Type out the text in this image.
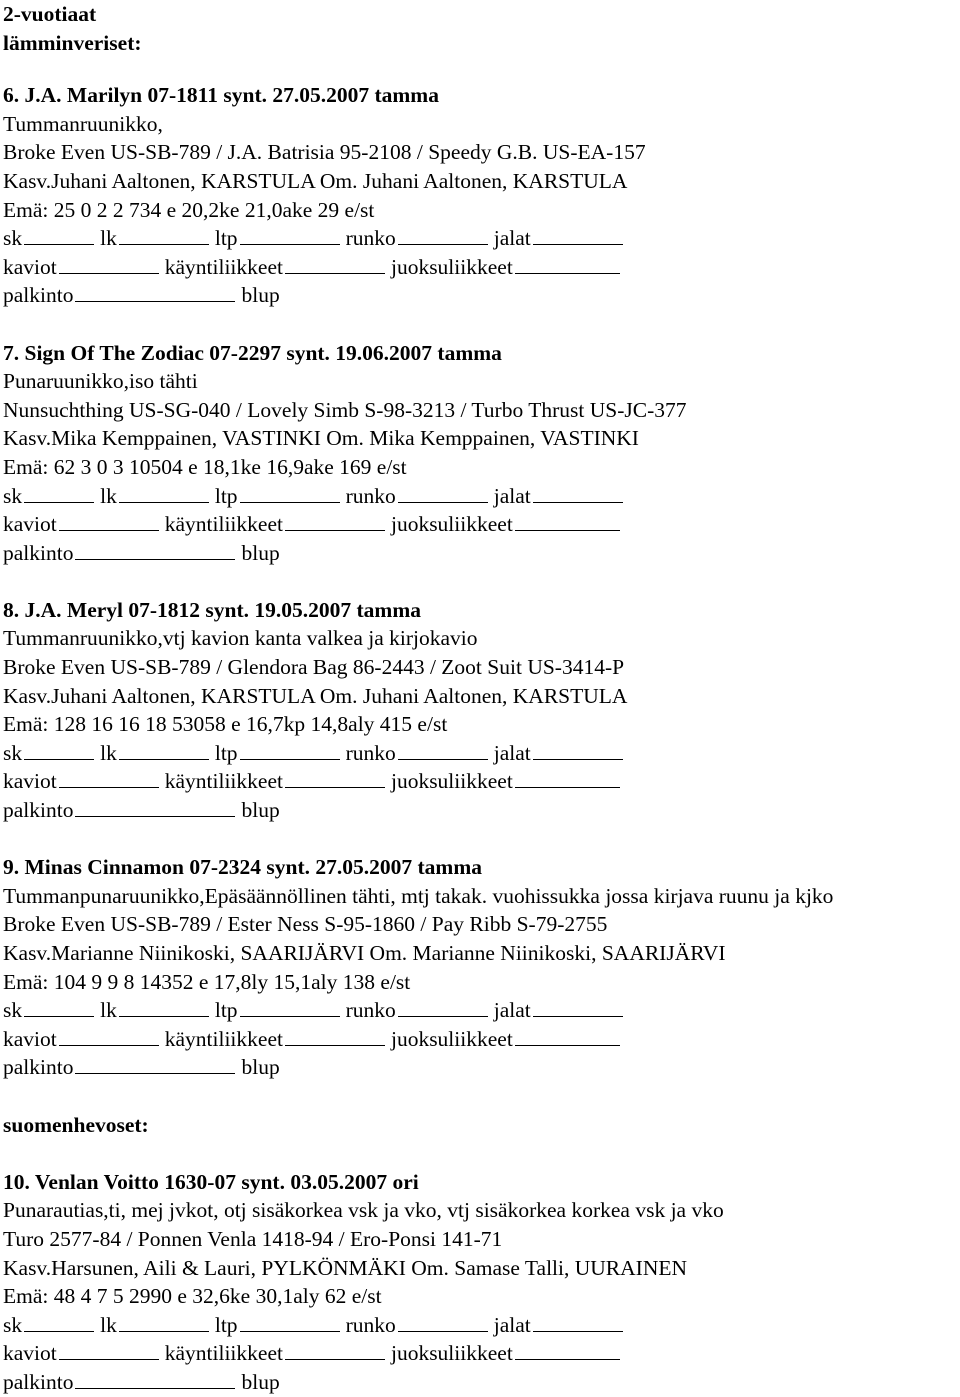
2-vuotiaat
lämminveriset:
6. J.A. Marilyn 07-1811 synt. 27.05.2007 tamma
Tummanruunikko,
Broke Even US-SB-789 / J.A. Batrisia 95-2108 / Speedy G.B. US-EA-157
Kasv.Juhani Aaltonen, KARSTULA Om. Juhani Aaltonen, KARSTULA
Emä: 25 0 2 2 734 e 20,2ke 21,0ake 29 e/st
sk	lk	ltp	runko	jalat
kaviot	käyntiliikkeet	juoksuliikkeet
palkinto	blup
7. Sign Of The Zodiac 07-2297 synt. 19.06.2007 tamma
Punaruunikko,iso tähti
Nunsuchthing US-SG-040 / Lovely Simb S-98-3213 / Turbo Thrust US-JC-377
Kasv.Mika Kemppainen, VASTINKI Om. Mika Kemppainen, VASTINKI
Emä: 62 3 0 3 10504 e 18,1ke 16,9ake 169 e/st
sk	lk	ltp	runko	jalat
kaviot	käyntiliikkeet	juoksuliikkeet
palkinto	blup
8. J.A. Meryl 07-1812 synt. 19.05.2007 tamma
Tummanruunikko,vtj kavion kanta valkea ja kirjokavio
Broke Even US-SB-789 / Glendora Bag 86-2443 / Zoot Suit US-3414-P
Kasv.Juhani Aaltonen, KARSTULA Om. Juhani Aaltonen, KARSTULA
Emä: 128 16 16 18 53058 e 16,7kp 14,8aly 415 e/st
sk	lk	ltp	runko	jalat
kaviot	käyntiliikkeet	juoksuliikkeet
palkinto	blup
9. Minas Cinnamon 07-2324 synt. 27.05.2007 tamma
Tummanpunaruunikko,Epäsäännöllinen tähti, mtj takak. vuohissukka jossa kirjava ruunu ja kjko
Broke Even US-SB-789 / Ester Ness S-95-1860 / Pay Ribb S-79-2755
Kasv.Marianne Niinikoski, SAARIJÄRVI Om. Marianne Niinikoski, SAARIJÄRVI
Emä: 104 9 9 8 14352 e 17,8ly 15,1aly 138 e/st
sk	lk	ltp	runko	jalat
kaviot	käyntiliikkeet	juoksuliikkeet
palkinto	blup
suomenhevoset:
10. Venlan Voitto 1630-07 synt. 03.05.2007 ori
Punarautias,ti, mej jvkot, otj sisäkorkea vsk ja vko, vtj sisäkorkea korkea vsk ja vko
Turo 2577-84 / Ponnen Venla 1418-94 / Ero-Ponsi 141-71
Kasv.Harsunen, Aili & Lauri, PYLKÖNMÄKI Om. Samase Talli, UURAINEN
Emä: 48 4 7 5 2990 e 32,6ke 30,1aly 62 e/st
sk	lk	ltp	runko	jalat
kaviot	käyntiliikkeet	juoksuliikkeet
palkinto	blup
